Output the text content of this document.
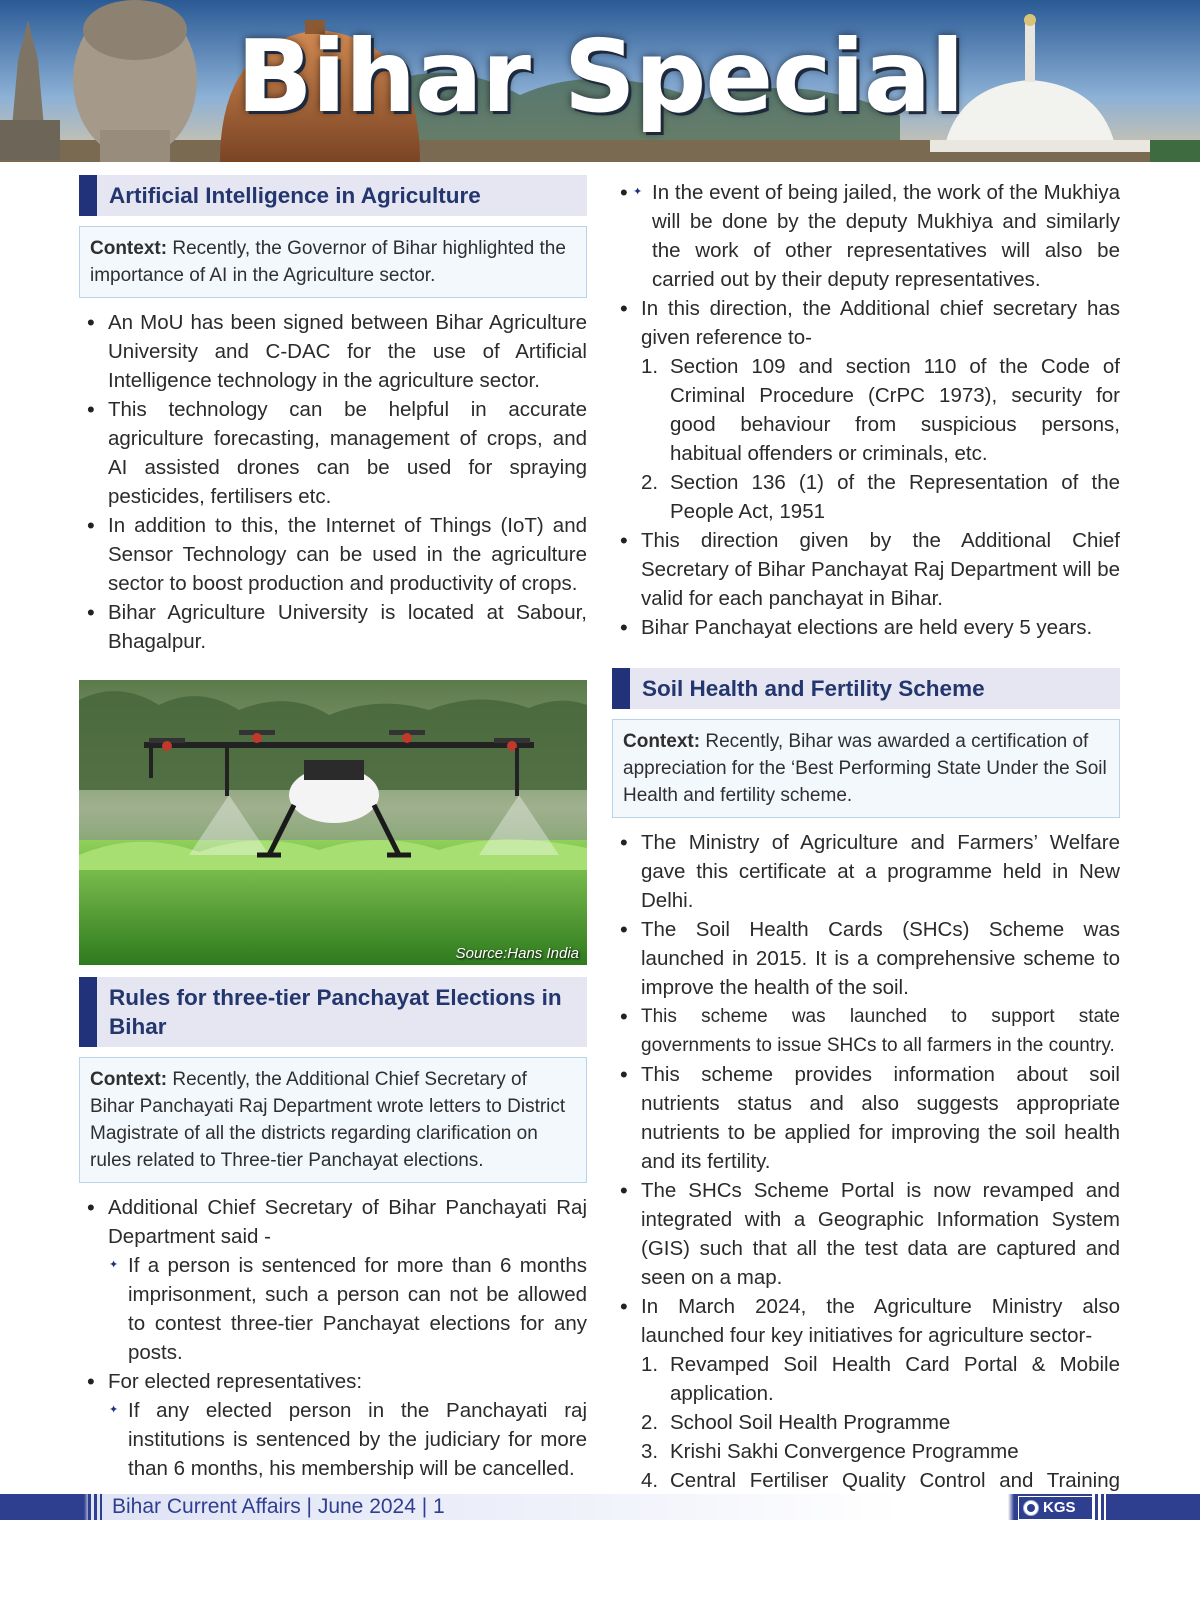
Bihar Special
Artificial Intelligence in Agriculture
Context: Recently, the Governor of Bihar highlighted the importance of AI in the Agriculture sector.
• An MoU has been signed between Bihar Agriculture University and C-DAC for the use of Artificial Intelligence technology in the agriculture sector.
• This technology can be helpful in accurate agriculture forecasting, management of crops, and AI assisted drones can be used for spraying pesticides, fertilisers etc.
• In addition to this, the Internet of Things (IoT) and Sensor Technology can be used in the agriculture sector to boost production and productivity of crops.
• Bihar Agriculture University is located at Sabour, Bhagalpur.
Source:Hans India
Rules for three-tier Panchayat Elections in Bihar
Context: Recently, the Additional Chief Secretary of Bihar Panchayati Raj Department wrote letters to District Magistrate of all the districts regarding clarification on rules related to Three-tier Panchayat elections.
• Additional Chief Secretary of Bihar Panchayati Raj Department said -
✦ If a person is sentenced for more than 6 months imprisonment, such a person can not be allowed to contest three-tier Panchayat elections for any posts.
• For elected representatives:
✦ If any elected person in the Panchayati raj institutions is sentenced by the judiciary for more than 6 months, his membership will be cancelled.
✦ • In the event of being jailed, the work of the Mukhiya will be done by the deputy Mukhiya and similarly the work of other representatives will also be carried out by their deputy representatives.
• In this direction, the Additional chief secretary has given reference to-
1. Section 109 and section 110 of the Code of Criminal Procedure (CrPC 1973), security for good behaviour from suspicious persons, habitual offenders or criminals, etc.
2. Section 136 (1) of the Representation of the People Act, 1951
• This direction given by the Additional Chief Secretary of Bihar Panchayat Raj Department will be valid for each panchayat in Bihar.
• Bihar Panchayat elections are held every 5 years.
Soil Health and Fertility Scheme
Context: Recently, Bihar was awarded a certification of appreciation for the ‘Best Performing State Under the Soil Health and fertility scheme.
• The Ministry of Agriculture and Farmers’ Welfare gave this certificate at a programme held in New Delhi.
• The Soil Health Cards (SHCs) Scheme was launched in 2015. It is a comprehensive scheme to improve the health of the soil.
• This scheme was launched to support state governments to issue SHCs to all farmers in the country.
• This scheme provides information about soil nutrients status and also suggests appropriate nutrients to be applied for improving the soil health and its fertility.
• The SHCs Scheme Portal is now revamped and integrated with a Geographic Information System (GIS) such that all the test data are captured and seen on a map.
• In March 2024, the Agriculture Ministry also launched four key initiatives for agriculture sector-
1. Revamped Soil Health Card Portal & Mobile application.
2. School Soil Health Programme
3. Krishi Sakhi Convergence Programme
4. Central Fertiliser Quality Control and Training
Bihar Current Affairs | June 2024 | 1	KGS
